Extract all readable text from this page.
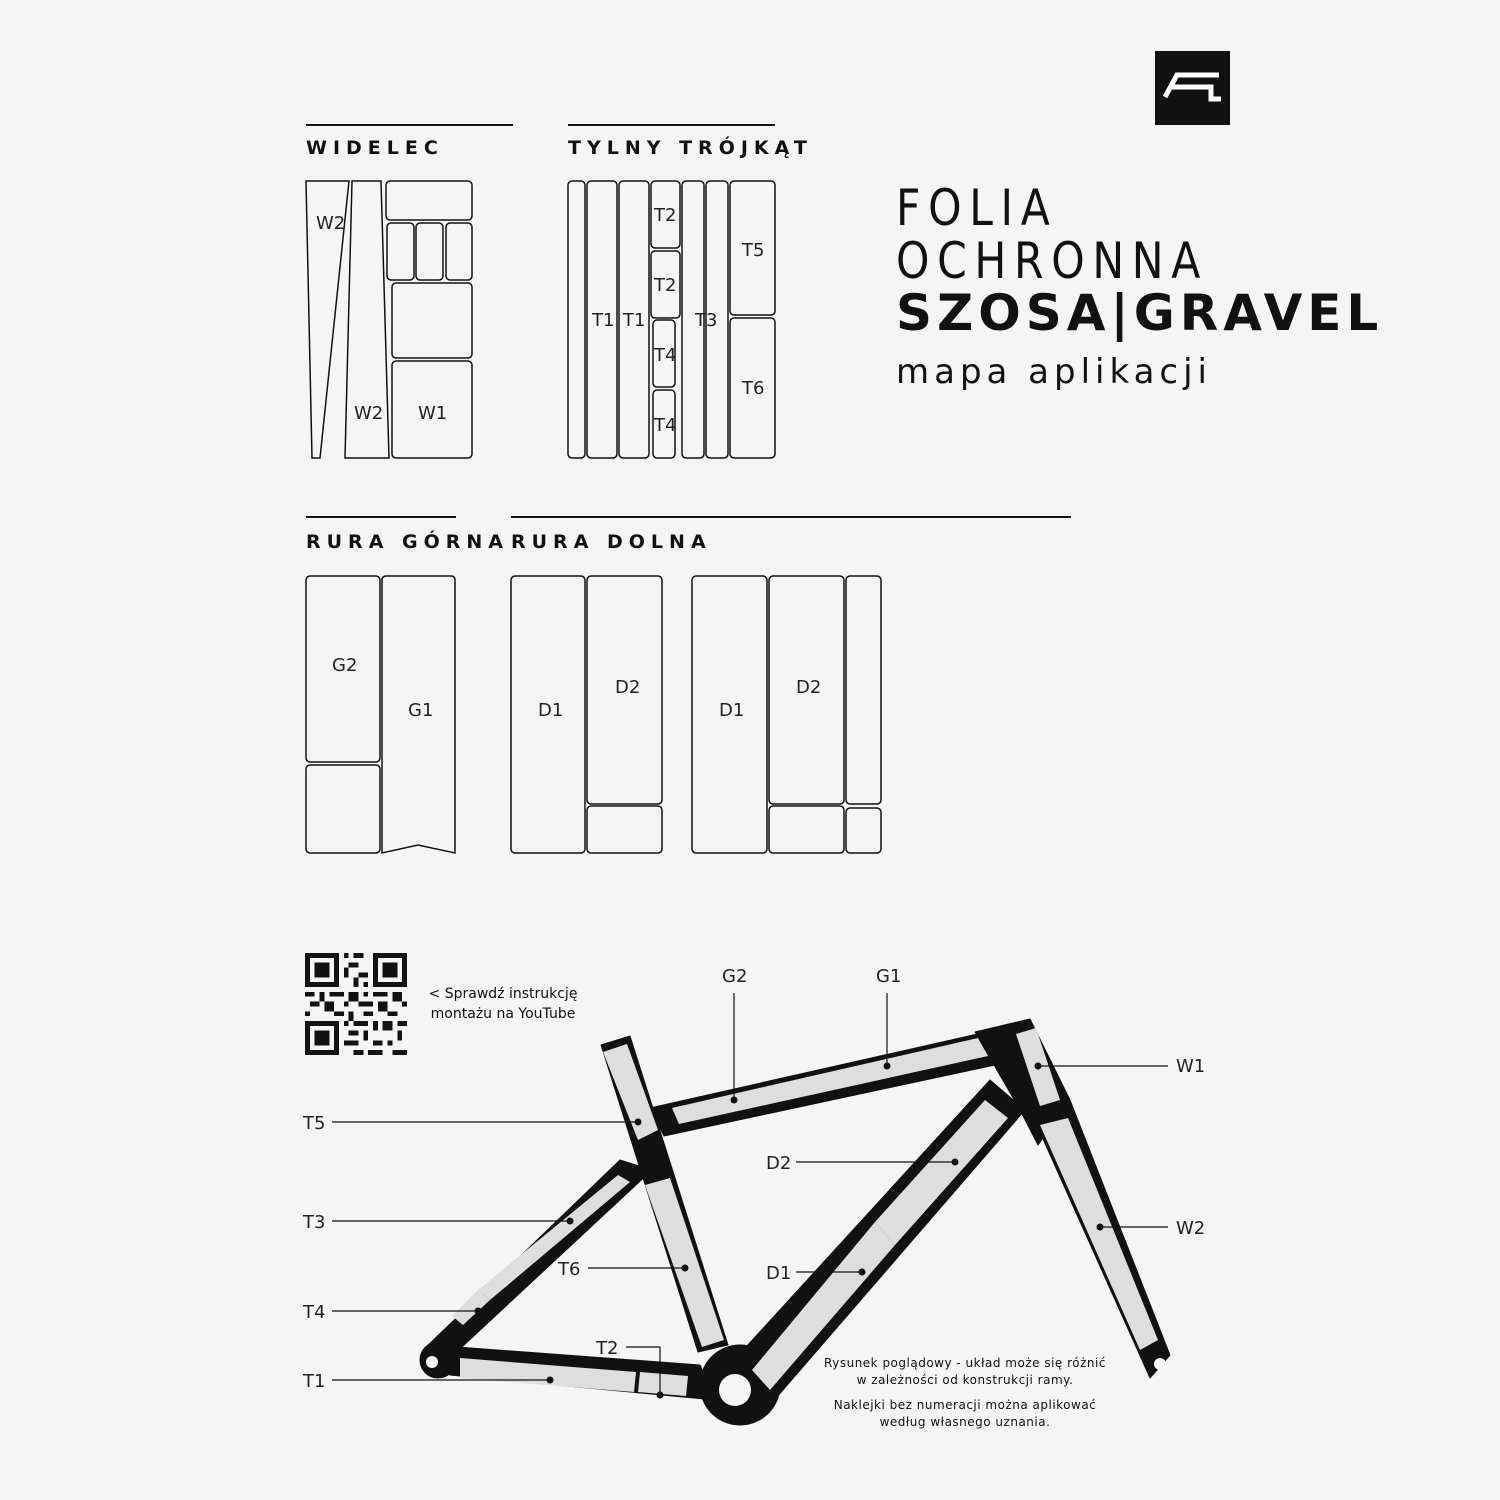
WIDELEC	TYLNY TRÓJKĄT
RURA GÓRNA RURA DOLNA
FOLIA
OCHRONNA
SZOSA|GRAVEL
mapa aplikacji
W2
W2 W1
T1 T1
T2
T2
T4
T4
T3
T5
T6
G2
G1	D1
D2
D1
D2
< Sprawdź instrukcję
montażu na YouTube
G2	G1
W1
W2
T5
D2
T3
T6	D1
T4
T2
T1
Rysunek poglądowy - układ może się różnić
w zależności od konstrukcji ramy.
Naklejki bez numeracji można aplikować
według własnego uznania.
